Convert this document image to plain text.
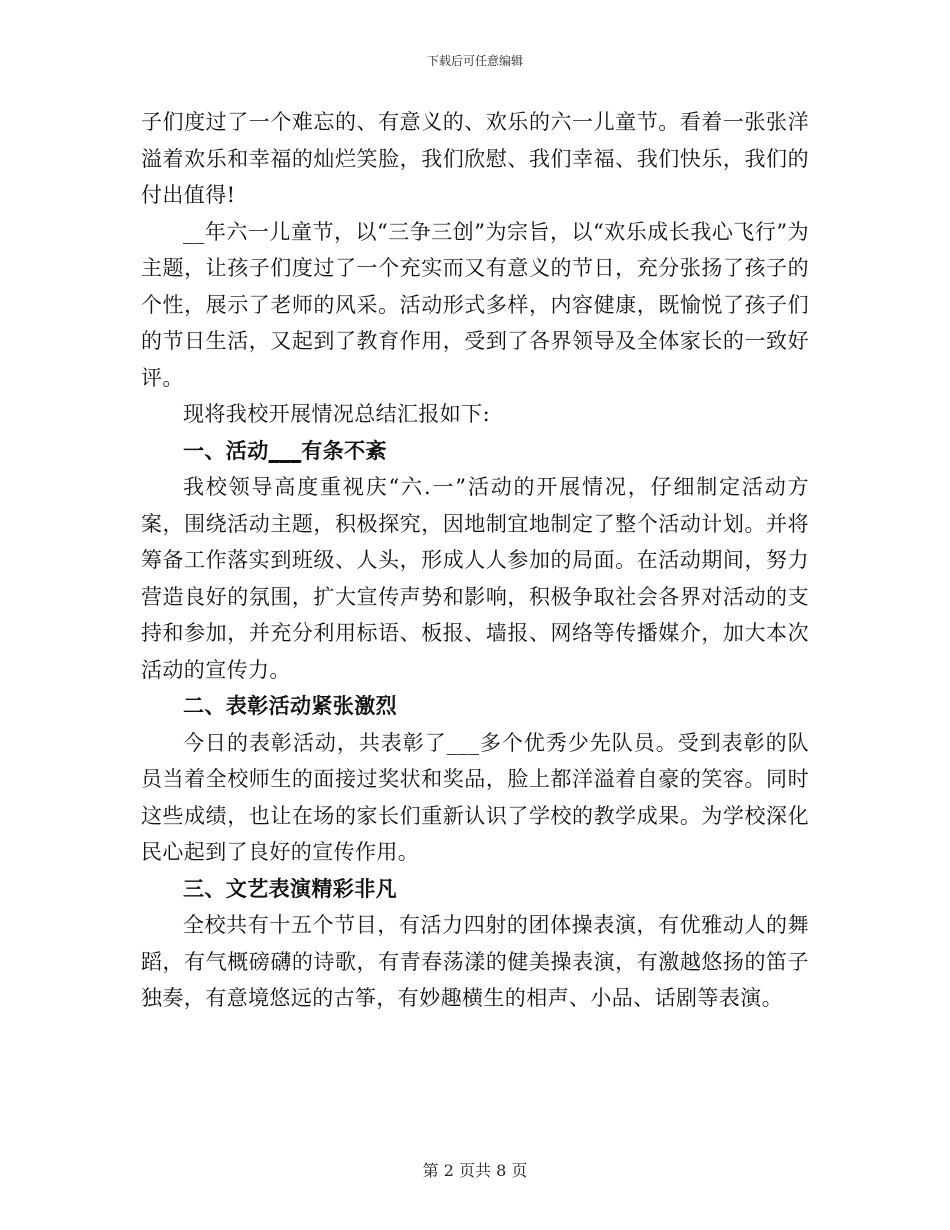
下载后可任意编辑

子们度过了一个难忘的、有意义的、欢乐的六一儿童节。看着一张张洋溢着欢乐和幸福的灿烂笑脸，我们欣慰、我们幸福、我们快乐，我们的付出值得!

__年六一儿童节，以“三争三创”为宗旨，以“欢乐成长我心飞行”为主题，让孩子们度过了一个充实而又有意义的节日，充分张扬了孩子的个性，展示了老师的风采。活动形式多样，内容健康，既愉悦了孩子们的节日生活，又起到了教育作用，受到了各界领导及全体家长的一致好评。

现将我校开展情况总结汇报如下:

一、活动___有条不紊

我校领导高度重视庆“六.一”活动的开展情况，仔细制定活动方案，围绕活动主题，积极探究，因地制宜地制定了整个活动计划。并将筹备工作落实到班级、人头，形成人人参加的局面。在活动期间，努力营造良好的氛围，扩大宣传声势和影响，积极争取社会各界对活动的支持和参加，并充分利用标语、板报、墙报、网络等传播媒介，加大本次活动的宣传力。

二、表彰活动紧张激烈

今日的表彰活动，共表彰了___多个优秀少先队员。受到表彰的队员当着全校师生的面接过奖状和奖品，脸上都洋溢着自豪的笑容。同时这些成绩，也让在场的家长们重新认识了学校的教学成果。为学校深化民心起到了良好的宣传作用。

三、文艺表演精彩非凡

全校共有十五个节目，有活力四射的团体操表演，有优雅动人的舞蹈，有气概磅礴的诗歌，有青春荡漾的健美操表演，有激越悠扬的笛子独奏，有意境悠远的古筝，有妙趣横生的相声、小品、话剧等表演。

第 2 页共 8 页
